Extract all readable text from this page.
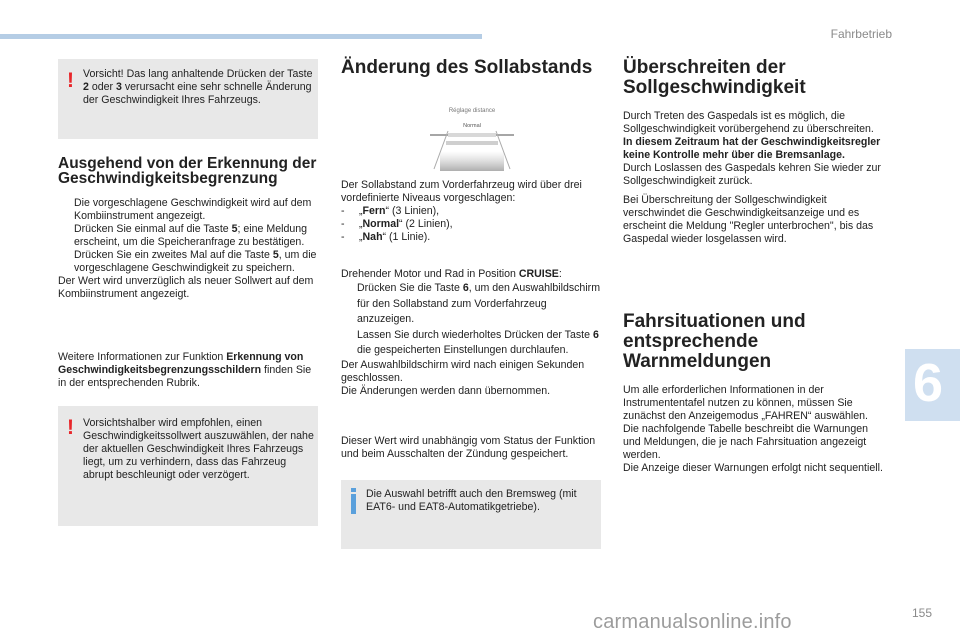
Fahrbetrieb
6
155
carmanualsonline.info
! Vorsicht! Das lang anhaltende Drücken der Taste 2 oder 3 verursacht eine sehr schnelle Änderung der Geschwindigkeit Ihres Fahrzeugs.
Ausgehend von der Erkennung der Geschwindigkeitsbegrenzung
Die vorgeschlagene Geschwindigkeit wird auf dem Kombiinstrument angezeigt.
Drücken Sie einmal auf die Taste 5; eine Meldung erscheint, um die Speicheranfrage zu bestätigen.
Drücken Sie ein zweites Mal auf die Taste 5, um die vorgeschlagene Geschwindigkeit zu speichern.

Der Wert wird unverzüglich als neuer Sollwert auf dem Kombiinstrument angezeigt.

Weitere Informationen zur Funktion Erkennung von Geschwindigkeitsbegrenzungsschildern finden Sie in der entsprechenden Rubrik.
! Vorsichtshalber wird empfohlen, einen Geschwindigkeitssollwert auszuwählen, der nahe der aktuellen Geschwindigkeit Ihres Fahrzeugs liegt, um zu verhindern, dass das Fahrzeug abrupt beschleunigt oder verzögert.
Änderung des Sollabstands
Réglage distance
Normal

Der Sollabstand zum Vorderfahrzeug wird über drei vordefinierte Niveaus vorgeschlagen:

- „Fern“ (3 Linien),
- „Normal“ (2 Linien),
- „Nah“ (1 Linie).

Drehender Motor und Rad in Position CRUISE:

Drücken Sie die Taste 6, um den Auswahlbildschirm für den Sollabstand zum Vorderfahrzeug anzuzeigen.
Lassen Sie durch wiederholtes Drücken der Taste 6 die gespeicherten Einstellungen durchlaufen.

Der Auswahlbildschirm wird nach einigen Sekunden geschlossen.

Die Änderungen werden dann übernommen.

Dieser Wert wird unabhängig vom Status der Funktion und beim Ausschalten der Zündung gespeichert.
Die Auswahl betrifft auch den Bremsweg (mit EAT6- und EAT8-Automatikgetriebe).
Überschreiten der Sollgeschwindigkeit

Durch Treten des Gaspedals ist es möglich, die Sollgeschwindigkeit vorübergehend zu überschreiten.

In diesem Zeitraum hat der Geschwindigkeitsregler keine Kontrolle mehr über die Bremsanlage.

Durch Loslassen des Gaspedals kehren Sie wieder zur Sollgeschwindigkeit zurück.

Bei Überschreitung der Sollgeschwindigkeit verschwindet die Geschwindigkeitsanzeige und es erscheint die Meldung "Regler unterbrochen", bis das Gaspedal wieder losgelassen wird.

Fahrsituationen und entsprechende Warnmeldungen

Um alle erforderlichen Informationen in der Instrumententafel nutzen zu können, müssen Sie zunächst den Anzeigemodus „FAHREN“ auswählen.

Die nachfolgende Tabelle beschreibt die Warnungen und Meldungen, die je nach Fahrsituation angezeigt werden.

Die Anzeige dieser Warnungen erfolgt nicht sequentiell.
